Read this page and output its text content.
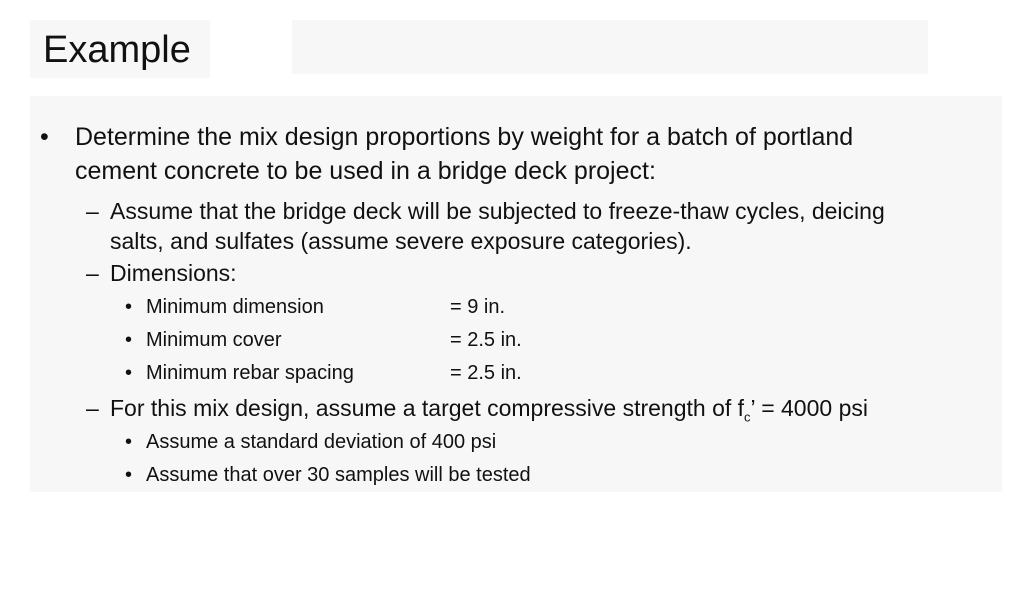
Example
• Determine the mix design proportions by weight for a batch of portland
cement concrete to be used in a bridge deck project:
– Assume that the bridge deck will be subjected to freeze-thaw cycles, deicing
salts, and sulfates (assume severe exposure categories).
– Dimensions:
• Minimum dimension	= 9 in.
• Minimum cover	= 2.5 in.
• Minimum rebar spacing	= 2.5 in.
– For this mix design, assume a target compressive strength of $f_c$’ = 4000 psi
• Assume a standard deviation of 400 psi
• Assume that over 30 samples will be tested
